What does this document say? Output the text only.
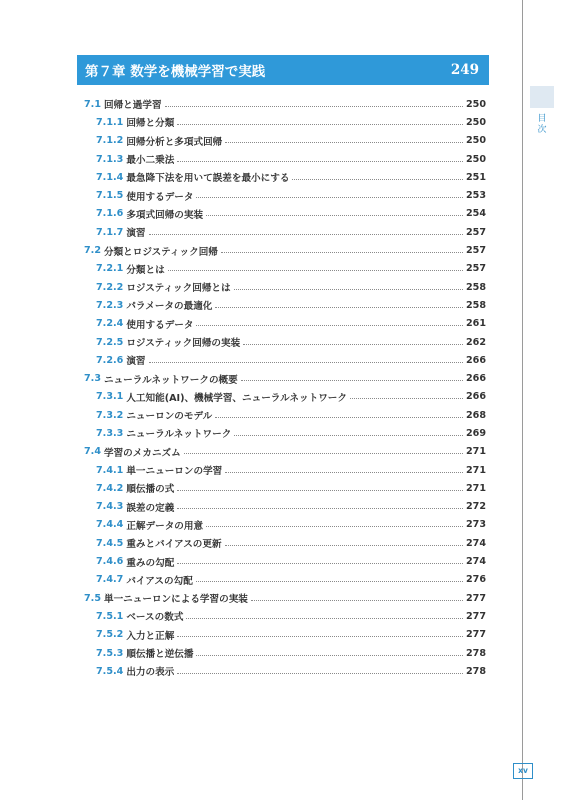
目
次
第７章 数学を機械学習で実践	249
7.1 回帰と過学習	250
7.1.1 回帰と分類	250
7.1.2 回帰分析と多項式回帰	250
7.1.3 最小二乗法	250
7.1.4 最急降下法を用いて誤差を最小にする	251
7.1.5 使用するデータ	253
7.1.6 多項式回帰の実装	254
7.1.7 演習	257
7.2 分類とロジスティック回帰	257
7.2.1 分類とは	257
7.2.2 ロジスティック回帰とは	258
7.2.3 パラメータの最適化	258
7.2.4 使用するデータ	261
7.2.5 ロジスティック回帰の実装	262
7.2.6 演習	266
7.3 ニューラルネットワークの概要	266
7.3.1 人工知能(AI)、機械学習、ニューラルネットワーク	266
7.3.2 ニューロンのモデル	268
7.3.3 ニューラルネットワーク	269
7.4 学習のメカニズム	271
7.4.1 単一ニューロンの学習	271
7.4.2 順伝播の式	271
7.4.3 誤差の定義	272
7.4.4 正解データの用意	273
7.4.5 重みとバイアスの更新	274
7.4.6 重みの勾配	274
7.4.7 バイアスの勾配	276
7.5 単一ニューロンによる学習の実装	277
7.5.1 ベースの数式	277
7.5.2 入力と正解	277
7.5.3 順伝播と逆伝播	278
7.5.4 出力の表示	278
xv
